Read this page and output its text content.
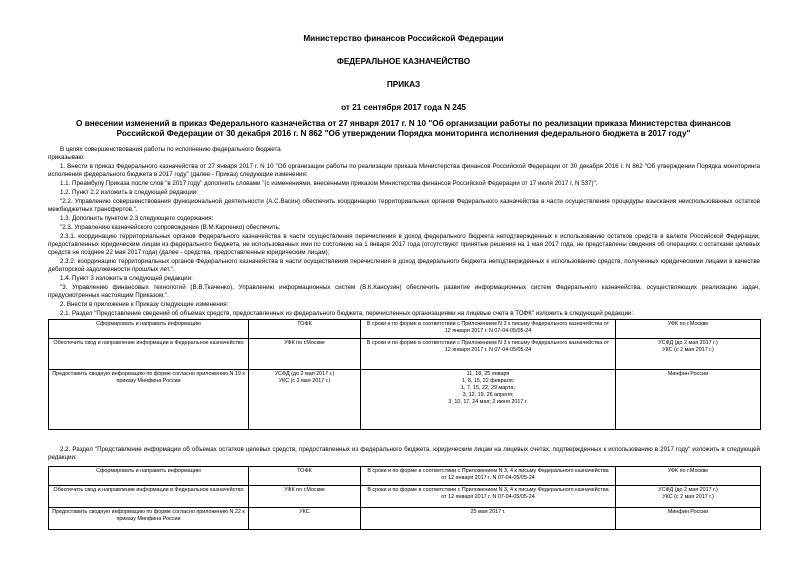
Министерство финансов Российской Федерации
ФЕДЕРАЛЬНОЕ КАЗНАЧЕЙСТВО
ПРИКАЗ
от 21 сентября 2017 года N 245
О внесении изменений в приказ Федерального казначейства от 27 января 2017 г. N 10 "Об организации работы по реализации приказа Министерства финансов
Российской Федерации от 30 декабря 2016 г. N 862 "Об утверждении Порядка мониторинга исполнения федерального бюджета в 2017 году"
В целях совершенствования работы по исполнению федерального бюджета
приказываю:
1. Внести в приказ Федерального казначейства от 27 января 2017 г. N 10 "Об организации работы по реализации приказа Министерства финансов Российской Федерации от 30 декабря 2016 г. N 862 "Об утверждении Порядка мониторинга исполнения федерального бюджета в 2017 году" (далее - Приказ) следующие изменения:
1.1. Преамбулу Приказа после слов "в 2017 году" дополнить словами "(с изменениями, внесенными приказом Министерства финансов Российской Федерации от 17 июля 2017 г. N 537)".
1.2. Пункт 2.2 изложить в следующей редакции:
"2.2. Управлению совершенствования функциональной деятельности (А.С.Васин) обеспечить координацию территориальных органов Федерального казначейства в части осуществления процедуры взыскания неиспользованных остатков межбюджетных трансфертов.".
1.3. Дополнить пунктом 2.3 следующего содержания:
"2.3. Управлению казначейского сопровождения (В.М.Карпенко) обеспечить:
2.3.1. координацию территориальных органов Федерального казначейства в части осуществления перечисления в доход федерального бюджета неподтвержденных к использованию остатков средств в валюте Российской Федерации, предоставленных юридическим лицам из федерального бюджета, не использованных ими по состоянию на 1 января 2017 года (отсутствуют принятые решения на 1 мая 2017 года, не представлены сведения об операциях с остатками целевых средств не позднее 22 мая 2017 года) (далее - средства, предоставленные юридическим лицам);
2.3.2. координацию территориальных органов Федерального казначейства в части осуществления перечисления в доход федерального бюджета неподтвержденных к использованию средств, полученных юридическими лицами в качестве дебиторской задолженности прошлых лет.".
1.4. Пункт 3 изложить в следующей редакции:
"3. Управлению финансовых технологий (В.В.Ткаченко), Управлению информационных систем (В.К.Кансузян) обеспечить развитие информационных систем Федерального казначейства, осуществляющих реализацию задач, предусмотренных настоящим Приказом.".
2. Внести в приложение к Приказу следующие изменения:
2.1. Раздел "Представление сведений об объемах средств, предоставленных из федерального бюджета, перечисленных организациями на лицевые счета в ТОФК" изложить в следующей редакции:
Сформировать и направить информацию	ТОФК	В сроки и по форме в соответствии с Приложением N 3 к письму Федерального казначейства от 12 января 2017 г. N 07-04-05/05-24	УФК по г.Москве
Обеспечить свод и направление информации в Федеральное казначейство	УФК по г.Москве	В сроки и по форме в соответствии с Приложением N 3 к письму Федерального казначейства от 12 января 2017 г. N 07-04-05/05-24	УСФД (до 2 мая 2017 г.)
УКС (с 2 мая 2017 г.)
Предоставить сводную информацию по форме согласно приложению N 19 к приказу Минфина России	УСФД (до 2 мая 2017 г.)
УКС (с 2 мая 2017 г.)	11, 18, 25 января
1, 8, 15, 22 февраля;
1, 7, 15, 22, 29 марта;
3, 12, 19, 26 апреля;
3, 10, 17, 24 мая; 2 июня 2017 г.	Минфин России
2.2. Раздел "Представление информации об объемах остатков целевых средств, предоставленных из федерального бюджета, юридическим лицам на лицевых счетах, подтвержденных к использованию в 2017 году" изложить в следующей редакции:
Сформировать и направить информацию	ТОФК	В сроки и по форме в соответствии с Приложением N 3, 4 к письму Федерального казначейства от 12 января 2017 г. N 07-04-05/05-24	УФК по г.Москве
Обеспечить свод и направление информации в Федеральное казначейство	УФК по г.Москве	В сроки и по форме в соответствии с Приложением N 3, 4 к письму Федерального казначейства от 12 января 2017 г. N 07-04-05/05-24	УСФД (до 2 мая 2017 г.)
УКС (с 2 мая 2017 г.)
Предоставить сводную информацию по форме согласно приложению N 22 к приказу Минфина России	УКС	25 мая 2017 г.	Минфин России
